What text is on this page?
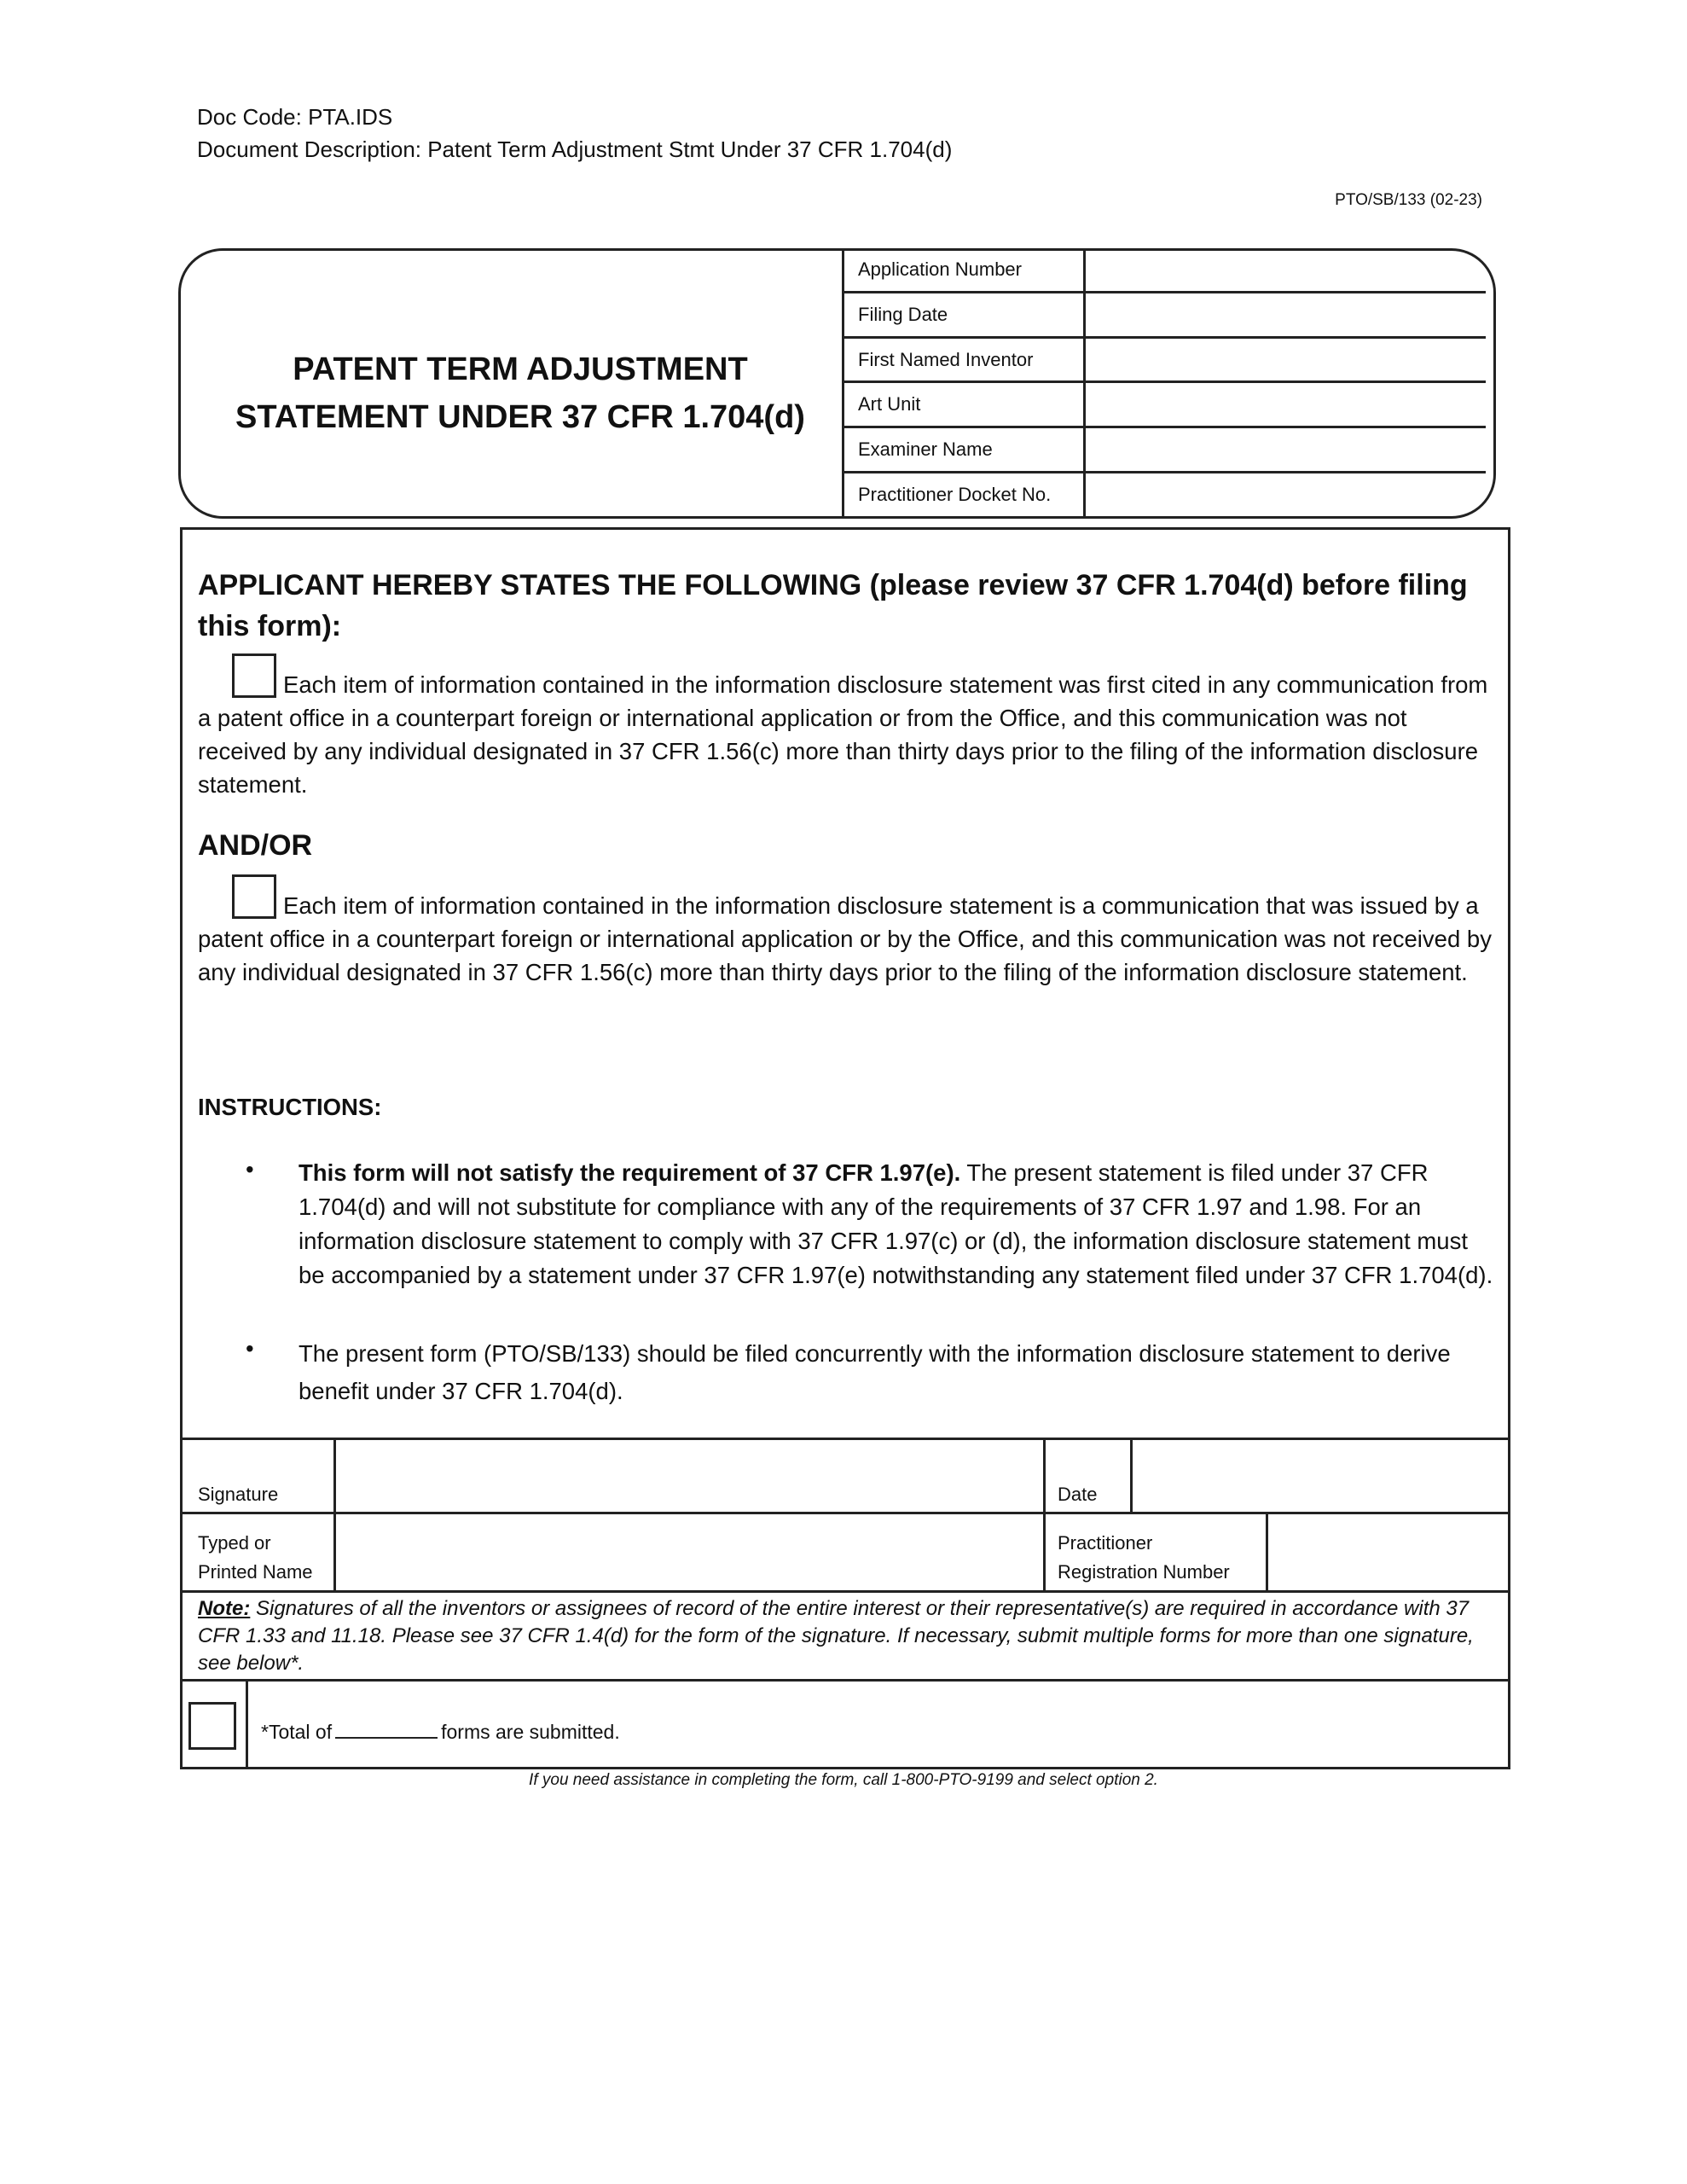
Doc Code: PTA.IDS
Document Description: Patent Term Adjustment Stmt Under 37 CFR 1.704(d)
PTO/SB/133 (02-23)
PATENT TERM ADJUSTMENT
STATEMENT UNDER 37 CFR 1.704(d)
Application Number
Filing Date
First Named Inventor
Art Unit
Examiner Name
Practitioner Docket No.
APPLICANT HEREBY STATES THE FOLLOWING (please review 37 CFR 1.704(d) before filing this form):
Each item of information contained in the information disclosure statement was first cited in any communication from a patent office in a counterpart foreign or international application or from the Office, and this communication was not received by any individual designated in 37 CFR 1.56(c) more than thirty days prior to the filing of the information disclosure statement.
AND/OR
Each item of information contained in the information disclosure statement is a communication that was issued by a patent office in a counterpart foreign or international application or by the Office, and this communication was not received by any individual designated in 37 CFR 1.56(c) more than thirty days prior to the filing of the information disclosure statement.
INSTRUCTIONS:
• This form will not satisfy the requirement of 37 CFR 1.97(e). The present statement is filed under 37 CFR 1.704(d) and will not substitute for compliance with any of the requirements of 37 CFR 1.97 and 1.98. For an information disclosure statement to comply with 37 CFR 1.97(c) or (d), the information disclosure statement must be accompanied by a statement under 37 CFR 1.97(e) notwithstanding any statement filed under 37 CFR 1.704(d).
• The present form (PTO/SB/133) should be filed concurrently with the information disclosure statement to derive benefit under 37 CFR 1.704(d).
Signature	Date
Typed or
Printed Name
Practitioner
Registration Number
Note: Signatures of all the inventors or assignees of record of the entire interest or their representative(s) are required in accordance with 37 CFR 1.33 and 11.18. Please see 37 CFR 1.4(d) for the form of the signature. If necessary, submit multiple forms for more than one signature, see below*.
*Total of	forms are submitted.
If you need assistance in completing the form, call 1-800-PTO-9199 and select option 2.
